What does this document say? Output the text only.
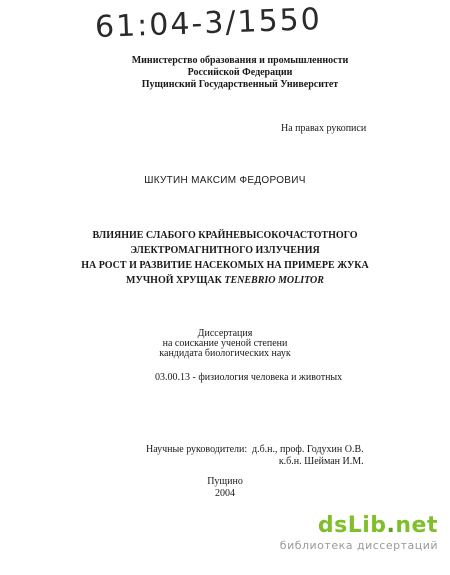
61:04-3/1550
Министерство образования и промышленности
Российской Федерации
Пущинский Государственный Университет
На правах рукописи
ШКУТИН МАКСИМ ФЕДОРОВИЧ
ВЛИЯНИЕ СЛАБОГО КРАЙНЕВЫСОКОЧАСТОТНОГО
ЭЛЕКТРОМАГНИТНОГО ИЗЛУЧЕНИЯ
НА РОСТ И РАЗВИТИЕ НАСЕКОМЫХ НА ПРИМЕРЕ ЖУКА
МУЧНОЙ ХРУЩАК TENEBRIO MOLITOR
Диссертация
на соискание ученой степени
кандидата биологических наук
03.00.13 - физиология человека и животных
Научные руководители: д.б.н., проф. Годухин О.В.
к.б.н. Шейман И.М.
Пущино
2004
dsLib.net
библиотека диссертаций
